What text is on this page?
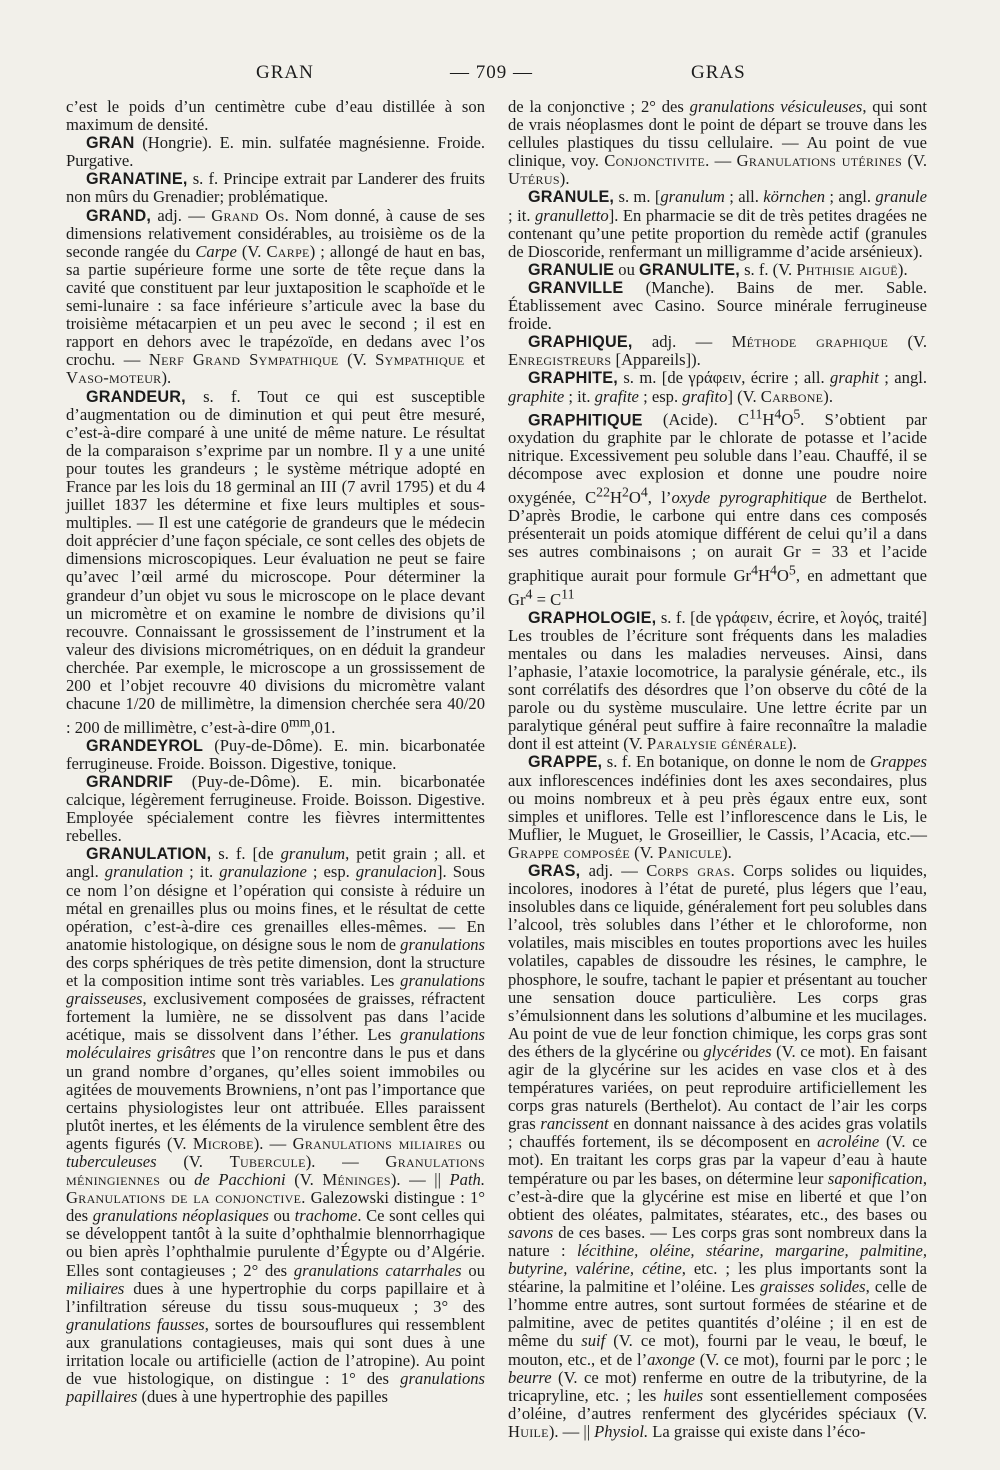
GRAN	— 709 —	GRAS

c’est le poids d’un centimètre cube d’eau distillée à son maximum de densité.

GRAN (Hongrie). E. min. sulfatée magnésienne. Froide. Purgative.

GRANATINE, s. f. Principe extrait par Landerer des fruits non mûrs du Grenadier; problématique.

GRAND, adj. — Grand Os. Nom donné, à cause de ses dimensions relativement considérables, au troisième os de la seconde rangée du Carpe (V. Carpe) ; allongé de haut en bas, sa partie supérieure forme une sorte de tête reçue dans la cavité que constituent par leur juxtaposition le scaphoïde et le semi-lunaire : sa face inférieure s’articule avec la base du troisième métacarpien et un peu avec le second ; il est en rapport en dehors avec le trapézoïde, en dedans avec l’os crochu. — Nerf Grand Sympathique (V. Sympathique et Vaso-moteur).

GRANDEUR, s. f. Tout ce qui est susceptible d’augmentation ou de diminution et qui peut être mesuré, c’est-à-dire comparé à une unité de même nature. Le résultat de la comparaison s’exprime par un nombre. Il y a une unité pour toutes les grandeurs ; le système métrique adopté en France par les lois du 18 germinal an III (7 avril 1795) et du 4 juillet 1837 les détermine et fixe leurs multiples et sous-multiples. — Il est une catégorie de grandeurs que le médecin doit apprécier d’une façon spéciale, ce sont celles des objets de dimensions microscopiques. Leur évaluation ne peut se faire qu’avec l’œil armé du microscope. Pour déterminer la grandeur d’un objet vu sous le microscope on le place devant un micromètre et on examine le nombre de divisions qu’il recouvre. Connaissant le grossissement de l’instrument et la valeur des divisions micrométriques, on en déduit la grandeur cherchée. Par exemple, le microscope a un grossissement de 200 et l’objet recouvre 40 divisions du micromètre valant chacune 1/20 de millimètre, la dimension cherchée sera 40/20 : 200 de millimètre, c’est-à-dire $0^{mm},01$.

GRANDEYROL (Puy-de-Dôme). E. min. bicarbonatée ferrugineuse. Froide. Boisson. Digestive, tonique.

GRANDRIF (Puy-de-Dôme). E. min. bicarbonatée calcique, légèrement ferrugineuse. Froide. Boisson. Digestive. Employée spécialement contre les fièvres intermittentes rebelles.

GRANULATION, s. f. [de granulum, petit grain ; all. et angl. granulation ; it. granulazione ; esp. granulacion]. Sous ce nom l’on désigne et l’opération qui consiste à réduire un métal en grenailles plus ou moins fines, et le résultat de cette opération, c’est-à-dire ces grenailles elles-mêmes. — En anatomie histologique, on désigne sous le nom de granulations des corps sphériques de très petite dimension, dont la structure et la composition intime sont très variables. Les granulations graisseuses, exclusivement composées de graisses, réfractent fortement la lumière, ne se dissolvent pas dans l’acide acétique, mais se dissolvent dans l’éther. Les granulations moléculaires grisâtres que l’on rencontre dans le pus et dans un grand nombre d’organes, qu’elles soient immobiles ou agitées de mouvements Browniens, n’ont pas l’importance que certains physiologistes leur ont attribuée. Elles paraissent plutôt inertes, et les éléments de la virulence semblent être des agents figurés (V. Microbe). — Granulations miliaires ou tuberculeuses (V. Tubercule). — Granulations méningiennes ou de Pacchioni (V. Méninges). — || Path. Granulations de la conjonctive. Galezowski distingue : 1° des granulations néoplasiques ou trachome. Ce sont celles qui se développent tantôt à la suite d’ophthalmie blennorrhagique ou bien après l’ophthalmie purulente d’Égypte ou d’Algérie. Elles sont contagieuses ; 2° des granulations catarrhales ou miliaires dues à une hypertrophie du corps papillaire et à l’infiltration séreuse du tissu sous-muqueux ; 3° des granulations fausses, sortes de boursouflures qui ressemblent aux granulations contagieuses, mais qui sont dues à une irritation locale ou artificielle (action de l’atropine). Au point de vue histologique, on distingue : 1° des granulations papillaires (dues à une hypertrophie des papilles

de la conjonctive ; 2° des granulations vésiculeuses, qui sont de vrais néoplasmes dont le point de départ se trouve dans les cellules plastiques du tissu cellulaire. — Au point de vue clinique, voy. Conjonctivite. — Granulations utérines (V. Utérus).

GRANULE, s. m. [granulum ; all. körnchen ; angl. granule ; it. granulletto]. En pharmacie se dit de très petites dragées ne contenant qu’une petite proportion du remède actif (granules de Dioscoride, renfermant un milligramme d’acide arsénieux).

GRANULIE ou GRANULITE, s. f. (V. Phthisie aiguë).

GRANVILLE (Manche). Bains de mer. Sable. Établissement avec Casino. Source minérale ferrugineuse froide.

GRAPHIQUE, adj. — Méthode graphique (V. Enregistreurs [Appareils]).

GRAPHITE, s. m. [de γράφειν, écrire ; all. graphit ; angl. graphite ; it. grafite ; esp. grafito] (V. Carbone).

GRAPHITIQUE (Acide). $C^{11}H^4O^5$. S’obtient par oxydation du graphite par le chlorate de potasse et l’acide nitrique. Excessivement peu soluble dans l’eau. Chauffé, il se décompose avec explosion et donne une poudre noire oxygénée, $C^{22}H^2O^4$, l’oxyde pyrographitique de Berthelot. D’après Brodie, le carbone qui entre dans ces composés présenterait un poids atomique différent de celui qu’il a dans ses autres combinaisons ; on aurait Gr = 33 et l’acide graphitique aurait pour formule $Gr^4H^4O^5$, en admettant que $Gr^4 = C^{11}$

GRAPHOLOGIE, s. f. [de γράφειν, écrire, et λογός, traité] Les troubles de l’écriture sont fréquents dans les maladies mentales ou dans les maladies nerveuses. Ainsi, dans l’aphasie, l’ataxie locomotrice, la paralysie générale, etc., ils sont corrélatifs des désordres que l’on observe du côté de la parole ou du système musculaire. Une lettre écrite par un paralytique général peut suffire à faire reconnaître la maladie dont il est atteint (V. Paralysie générale).

GRAPPE, s. f. En botanique, on donne le nom de Grappes aux inflorescences indéfinies dont les axes secondaires, plus ou moins nombreux et à peu près égaux entre eux, sont simples et uniflores. Telle est l’inflorescence dans le Lis, le Muflier, le Muguet, le Groseillier, le Cassis, l’Acacia, etc.— Grappe composée (V. Panicule).

GRAS, adj. — Corps gras. Corps solides ou liquides, incolores, inodores à l’état de pureté, plus légers que l’eau, insolubles dans ce liquide, généralement fort peu solubles dans l’alcool, très solubles dans l’éther et le chloroforme, non volatiles, mais miscibles en toutes proportions avec les huiles volatiles, capables de dissoudre les résines, le camphre, le phosphore, le soufre, tachant le papier et présentant au toucher une sensation douce particulière. Les corps gras s’émulsionnent dans les solutions d’albumine et les mucilages. Au point de vue de leur fonction chimique, les corps gras sont des éthers de la glycérine ou glycérides (V. ce mot). En faisant agir de la glycérine sur les acides en vase clos et à des températures variées, on peut reproduire artificiellement les corps gras naturels (Berthelot). Au contact de l’air les corps gras rancissent en donnant naissance à des acides gras volatils ; chauffés fortement, ils se décomposent en acroléine (V. ce mot). En traitant les corps gras par la vapeur d’eau à haute température ou par les bases, on détermine leur saponification, c’est-à-dire que la glycérine est mise en liberté et que l’on obtient des oléates, palmitates, stéarates, etc., des bases ou savons de ces bases. — Les corps gras sont nombreux dans la nature : lécithine, oléine, stéarine, margarine, palmitine, butyrine, valérine, cétine, etc. ; les plus importants sont la stéarine, la palmitine et l’oléine. Les graisses solides, celle de l’homme entre autres, sont surtout formées de stéarine et de palmitine, avec de petites quantités d’oléine ; il en est de même du suif (V. ce mot), fourni par le veau, le bœuf, le mouton, etc., et de l’axonge (V. ce mot), fourni par le porc ; le beurre (V. ce mot) renferme en outre de la tributyrine, de la tricapryline, etc. ; les huiles sont essentiellement composées d’oléine, d’autres renferment des glycérides spéciaux (V. Huile). — || Physiol. La graisse qui existe dans l’éco-
